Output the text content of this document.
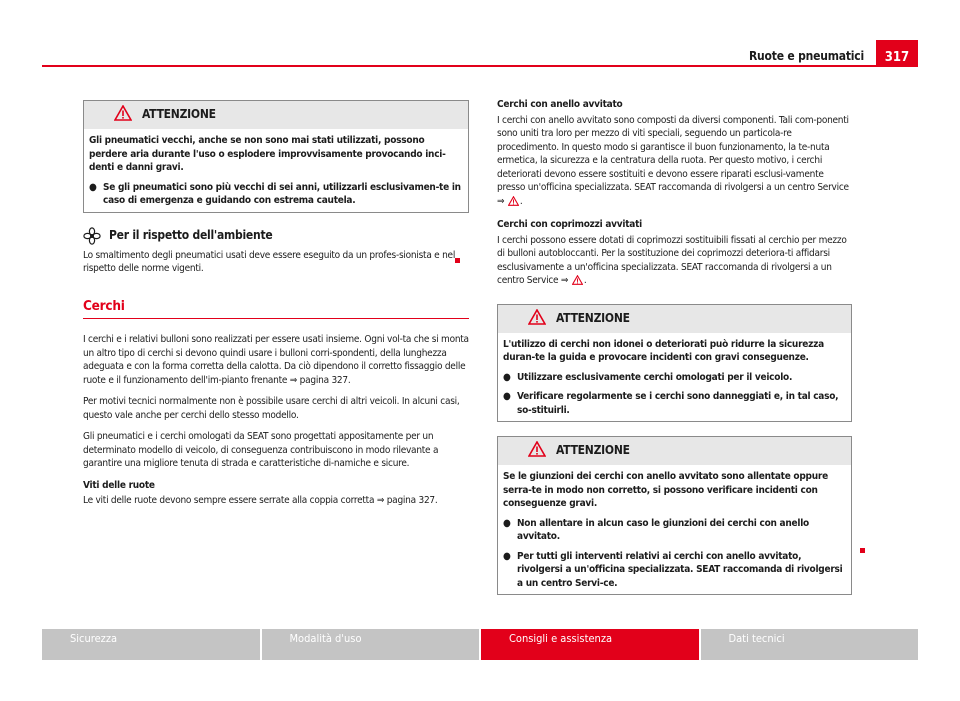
Ruote e pneumatici	317
ATTENZIONE

Gli pneumatici vecchi, anche se non sono mai stati utilizzati, possono perdere aria durante l'uso o esplodere improvvisamente provocando inci-denti e danni gravi.

● Se gli pneumatici sono più vecchi di sei anni, utilizzarli esclusivamen-te in caso di emergenza e guidando con estrema cautela.
Per il rispetto dell'ambiente

Lo smaltimento degli pneumatici usati deve essere eseguito da un profes-sionista e nel rispetto delle norme vigenti.

Cerchi

I cerchi e i relativi bulloni sono realizzati per essere usati insieme. Ogni vol-ta che si monta un altro tipo di cerchi si devono quindi usare i bulloni corri-spondenti, della lunghezza adeguata e con la forma corretta della calotta. Da ciò dipendono il corretto fissaggio delle ruote e il funzionamento dell'im-pianto frenante ⇒ pagina 327.

Per motivi tecnici normalmente non è possibile usare cerchi di altri veicoli. In alcuni casi, questo vale anche per cerchi dello stesso modello.

Gli pneumatici e i cerchi omologati da SEAT sono progettati appositamente per un determinato modello di veicolo, di conseguenza contribuiscono in modo rilevante a garantire una migliore tenuta di strada e caratteristiche di-namiche e sicure.

Viti delle ruote

Le viti delle ruote devono sempre essere serrate alla coppia corretta ⇒ pagina 327.

Cerchi con anello avvitato

I cerchi con anello avvitato sono composti da diversi componenti. Tali com-ponenti sono uniti tra loro per mezzo di viti speciali, seguendo un particola-re procedimento. In questo modo si garantisce il buon funzionamento, la te-nuta ermetica, la sicurezza e la centratura della ruota. Per questo motivo, i cerchi deteriorati devono essere sostituiti e devono essere riparati esclusi-vamente presso un'officina specializzata. SEAT raccomanda di rivolgersi a un centro Service ⇒ .

Cerchi con coprimozzi avvitati

I cerchi possono essere dotati di coprimozzi sostituibili fissati al cerchio per mezzo di bulloni autobloccanti. Per la sostituzione dei coprimozzi deteriora-ti affidarsi esclusivamente a un'officina specializzata. SEAT raccomanda di rivolgersi a un centro Service ⇒ .

ATTENZIONE

L'utilizzo di cerchi non idonei o deteriorati può ridurre la sicurezza duran-te la guida e provocare incidenti con gravi conseguenze.

● Utilizzare esclusivamente cerchi omologati per il veicolo.
● Verificare regolarmente se i cerchi sono danneggiati e, in tal caso, so-stituirli.
ATTENZIONE

Se le giunzioni dei cerchi con anello avvitato sono allentate oppure serra-te in modo non corretto, si possono verificare incidenti con conseguenze gravi.

● Non allentare in alcun caso le giunzioni dei cerchi con anello avvitato.
● Per tutti gli interventi relativi ai cerchi con anello avvitato, rivolgersi a un'officina specializzata. SEAT raccomanda di rivolgersi a un centro Servi-ce.
Sicurezza	Modalità d'uso	Consigli e assistenza	Dati tecnici
